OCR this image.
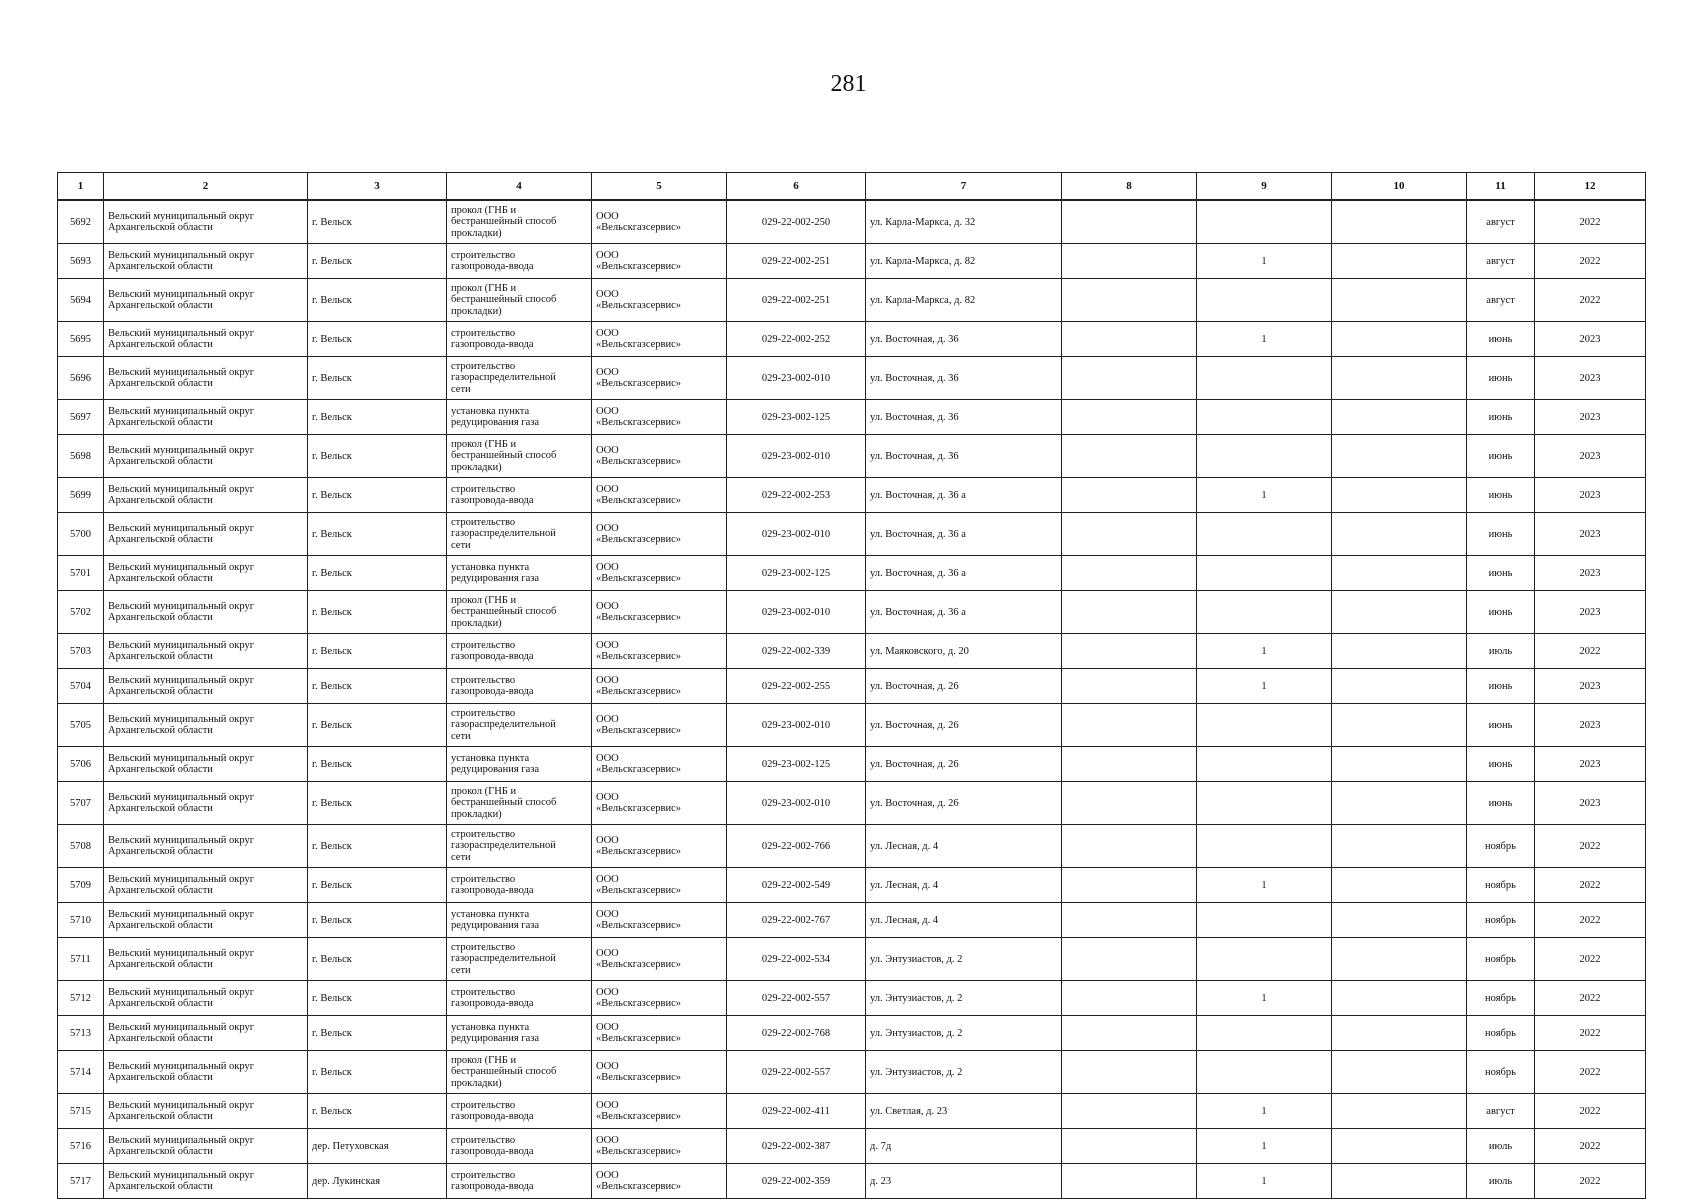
281
1	2	3	4	5	6	7	8	9	10	11	12
5692	Вельский муниципальный округ
Архангельской области	г. Вельск	прокол (ГНБ и
бестраншейный способ
прокладки)	ООО
«Вельскгазсервис»	029-22-002-250	ул. Карла-Маркса, д. 32				август	2022
5693	Вельский муниципальный округ
Архангельской области	г. Вельск	строительство
газопровода-ввода	ООО
«Вельскгазсервис»	029-22-002-251	ул. Карла-Маркса, д. 82		1		август	2022
5694	Вельский муниципальный округ
Архангельской области	г. Вельск	прокол (ГНБ и
бестраншейный способ
прокладки)	ООО
«Вельскгазсервис»	029-22-002-251	ул. Карла-Маркса, д. 82				август	2022
5695	Вельский муниципальный округ
Архангельской области	г. Вельск	строительство
газопровода-ввода	ООО
«Вельскгазсервис»	029-22-002-252	ул. Восточная, д. 36		1		июнь	2023
5696	Вельский муниципальный округ
Архангельской области	г. Вельск	строительство
газораспределительной
сети	ООО
«Вельскгазсервис»	029-23-002-010	ул. Восточная, д. 36				июнь	2023
5697	Вельский муниципальный округ
Архангельской области	г. Вельск	установка пункта
редуцирования газа	ООО
«Вельскгазсервис»	029-23-002-125	ул. Восточная, д. 36				июнь	2023
5698	Вельский муниципальный округ
Архангельской области	г. Вельск	прокол (ГНБ и
бестраншейный способ
прокладки)	ООО
«Вельскгазсервис»	029-23-002-010	ул. Восточная, д. 36				июнь	2023
5699	Вельский муниципальный округ
Архангельской области	г. Вельск	строительство
газопровода-ввода	ООО
«Вельскгазсервис»	029-22-002-253	ул. Восточная, д. 36 а		1		июнь	2023
5700	Вельский муниципальный округ
Архангельской области	г. Вельск	строительство
газораспределительной
сети	ООО
«Вельскгазсервис»	029-23-002-010	ул. Восточная, д. 36 а				июнь	2023
5701	Вельский муниципальный округ
Архангельской области	г. Вельск	установка пункта
редуцирования газа	ООО
«Вельскгазсервис»	029-23-002-125	ул. Восточная, д. 36 а				июнь	2023
5702	Вельский муниципальный округ
Архангельской области	г. Вельск	прокол (ГНБ и
бестраншейный способ
прокладки)	ООО
«Вельскгазсервис»	029-23-002-010	ул. Восточная, д. 36 а				июнь	2023
5703	Вельский муниципальный округ
Архангельской области	г. Вельск	строительство
газопровода-ввода	ООО
«Вельскгазсервис»	029-22-002-339	ул. Маяковского, д. 20		1		июль	2022
5704	Вельский муниципальный округ
Архангельской области	г. Вельск	строительство
газопровода-ввода	ООО
«Вельскгазсервис»	029-22-002-255	ул. Восточная, д. 26		1		июнь	2023
5705	Вельский муниципальный округ
Архангельской области	г. Вельск	строительство
газораспределительной
сети	ООО
«Вельскгазсервис»	029-23-002-010	ул. Восточная, д. 26				июнь	2023
5706	Вельский муниципальный округ
Архангельской области	г. Вельск	установка пункта
редуцирования газа	ООО
«Вельскгазсервис»	029-23-002-125	ул. Восточная, д. 26				июнь	2023
5707	Вельский муниципальный округ
Архангельской области	г. Вельск	прокол (ГНБ и
бестраншейный способ
прокладки)	ООО
«Вельскгазсервис»	029-23-002-010	ул. Восточная, д. 26				июнь	2023
5708	Вельский муниципальный округ
Архангельской области	г. Вельск	строительство
газораспределительной
сети	ООО
«Вельскгазсервис»	029-22-002-766	ул. Лесная, д. 4				ноябрь	2022
5709	Вельский муниципальный округ
Архангельской области	г. Вельск	строительство
газопровода-ввода	ООО
«Вельскгазсервис»	029-22-002-549	ул. Лесная, д. 4		1		ноябрь	2022
5710	Вельский муниципальный округ
Архангельской области	г. Вельск	установка пункта
редуцирования газа	ООО
«Вельскгазсервис»	029-22-002-767	ул. Лесная, д. 4				ноябрь	2022
5711	Вельский муниципальный округ
Архангельской области	г. Вельск	строительство
газораспределительной
сети	ООО
«Вельскгазсервис»	029-22-002-534	ул. Энтузиастов, д. 2				ноябрь	2022
5712	Вельский муниципальный округ
Архангельской области	г. Вельск	строительство
газопровода-ввода	ООО
«Вельскгазсервис»	029-22-002-557	ул. Энтузиастов, д. 2		1		ноябрь	2022
5713	Вельский муниципальный округ
Архангельской области	г. Вельск	установка пункта
редуцирования газа	ООО
«Вельскгазсервис»	029-22-002-768	ул. Энтузиастов, д. 2				ноябрь	2022
5714	Вельский муниципальный округ
Архангельской области	г. Вельск	прокол (ГНБ и
бестраншейный способ
прокладки)	ООО
«Вельскгазсервис»	029-22-002-557	ул. Энтузиастов, д. 2				ноябрь	2022
5715	Вельский муниципальный округ
Архангельской области	г. Вельск	строительство
газопровода-ввода	ООО
«Вельскгазсервис»	029-22-002-411	ул. Светлая, д. 23		1		август	2022
5716	Вельский муниципальный округ
Архангельской области	дер. Петуховская	строительство
газопровода-ввода	ООО
«Вельскгазсервис»	029-22-002-387	д. 7д		1		июль	2022
5717	Вельский муниципальный округ
Архангельской области	дер. Лукинская	строительство
газопровода-ввода	ООО
«Вельскгазсервис»	029-22-002-359	д. 23		1		июль	2022
